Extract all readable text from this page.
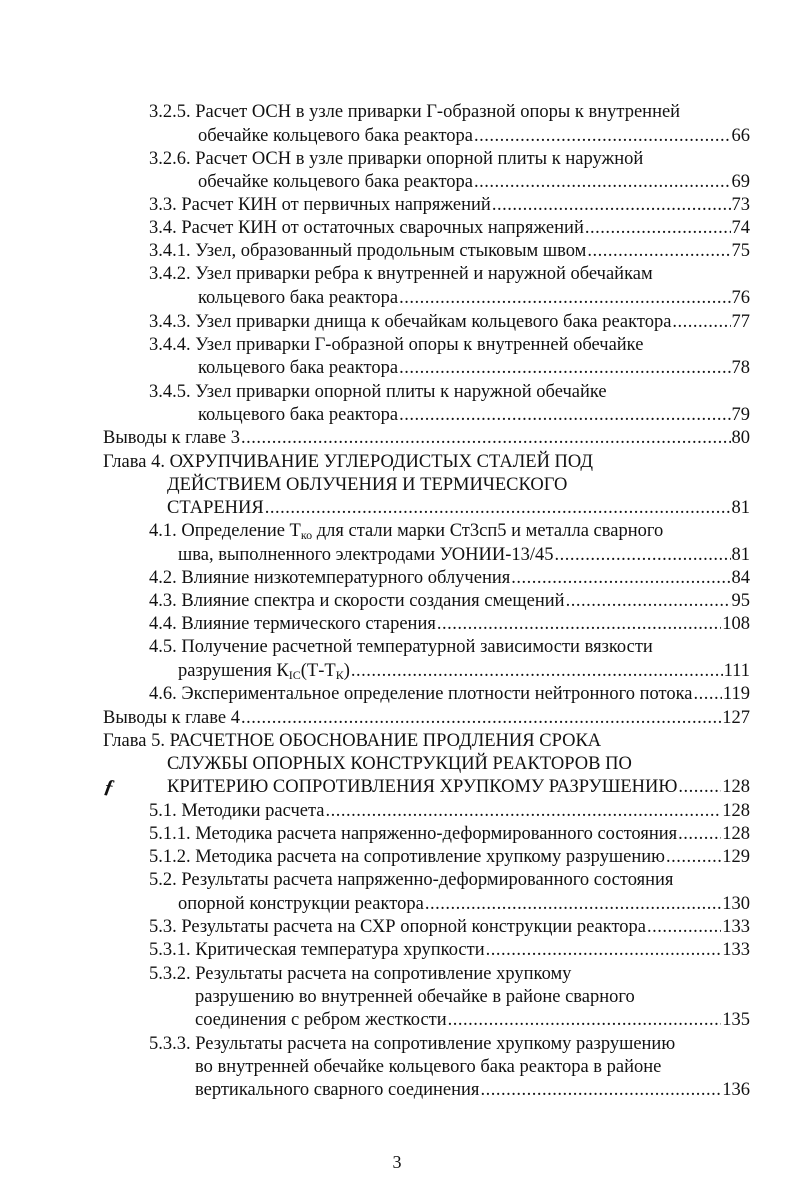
3.2.5.
Расчет ОСН в узле приварки Г-образной опоры к внутренней
обечайке кольцевого бака реактора .....	66
3.2.6.
Расчет ОСН в узле приварки опорной плиты к наружной
обечайке кольцевого бака реактора .....	69
3.3. Расчет КИН от первичных напряжений .....	73
3.4. Расчет КИН от остаточных сварочных напряжений .....	74
3.4.1. Узел, образованный продольным стыковым швом .....	75
3.4.2. Узел приварки ребра к внутренней и наружной обечайкам
кольцевого бака реактора .....	76
3.4.3. Узел приварки днища к обечайкам кольцевого бака реактора .....	77
3.4.4. Узел приварки Г-образной опоры к внутренней обечайке
кольцевого бака реактора .....	78
3.4.5. Узел приварки опорной плиты к наружной обечайке
кольцевого бака реактора .....	79
Выводы к главе 3 .....	80
Глава 4. ОХРУПЧИВАНИЕ УГЛЕРОДИСТЫХ СТАЛЕЙ ПОД
ДЕЙСТВИЕМ ОБЛУЧЕНИЯ И ТЕРМИЧЕСКОГО
СТАРЕНИЯ .....	81
4.1. Определение $Т_{ко}$ для стали марки Ст3сп5 и металла сварного
шва, выполненного электродами УОНИИ-13/45 .....	81
4.2. Влияние низкотемпературного облучения .....	84
4.3. Влияние спектра и скорости создания смещений .....	95
4.4. Влияние термического старения .....	108
4.5. Получение расчетной температурной зависимости вязкости
разрушения $К_{IC}(Т-Т_К)$ .....	111
4.6. Экспериментальное определение плотности нейтронного потока ..... 119
Выводы к главе 4 .....	127
Глава 5. РАСЧЕТНОЕ ОБОСНОВАНИЕ ПРОДЛЕНИЯ СРОКА
СЛУЖБЫ ОПОРНЫХ КОНСТРУКЦИЙ РЕАКТОРОВ ПО
КРИТЕРИЮ СОПРОТИВЛЕНИЯ ХРУПКОМУ РАЗРУШЕНИЮ ..... 128
5.1. Методики расчета .....	128
5.1.1. Методика расчета напряженно-деформированного состояния ..... 128
5.1.2. Методика расчета на сопротивление хрупкому разрушению .....	129
5.2. Результаты расчета напряженно-деформированного состояния
опорной конструкции реактора .....	130
5.3. Результаты расчета на СХР опорной конструкции реактора .....	133
5.3.1. Критическая температура хрупкости .....	133
5.3.2. Результаты расчета на сопротивление хрупкому
разрушению во внутренней обечайке в районе сварного
соединения с ребром жесткости .....	135
5.3.3. Результаты расчета на сопротивление хрупкому разрушению
во внутренней обечайке кольцевого бака реактора в районе
вертикального сварного соединения .....	136
ƒ
3
